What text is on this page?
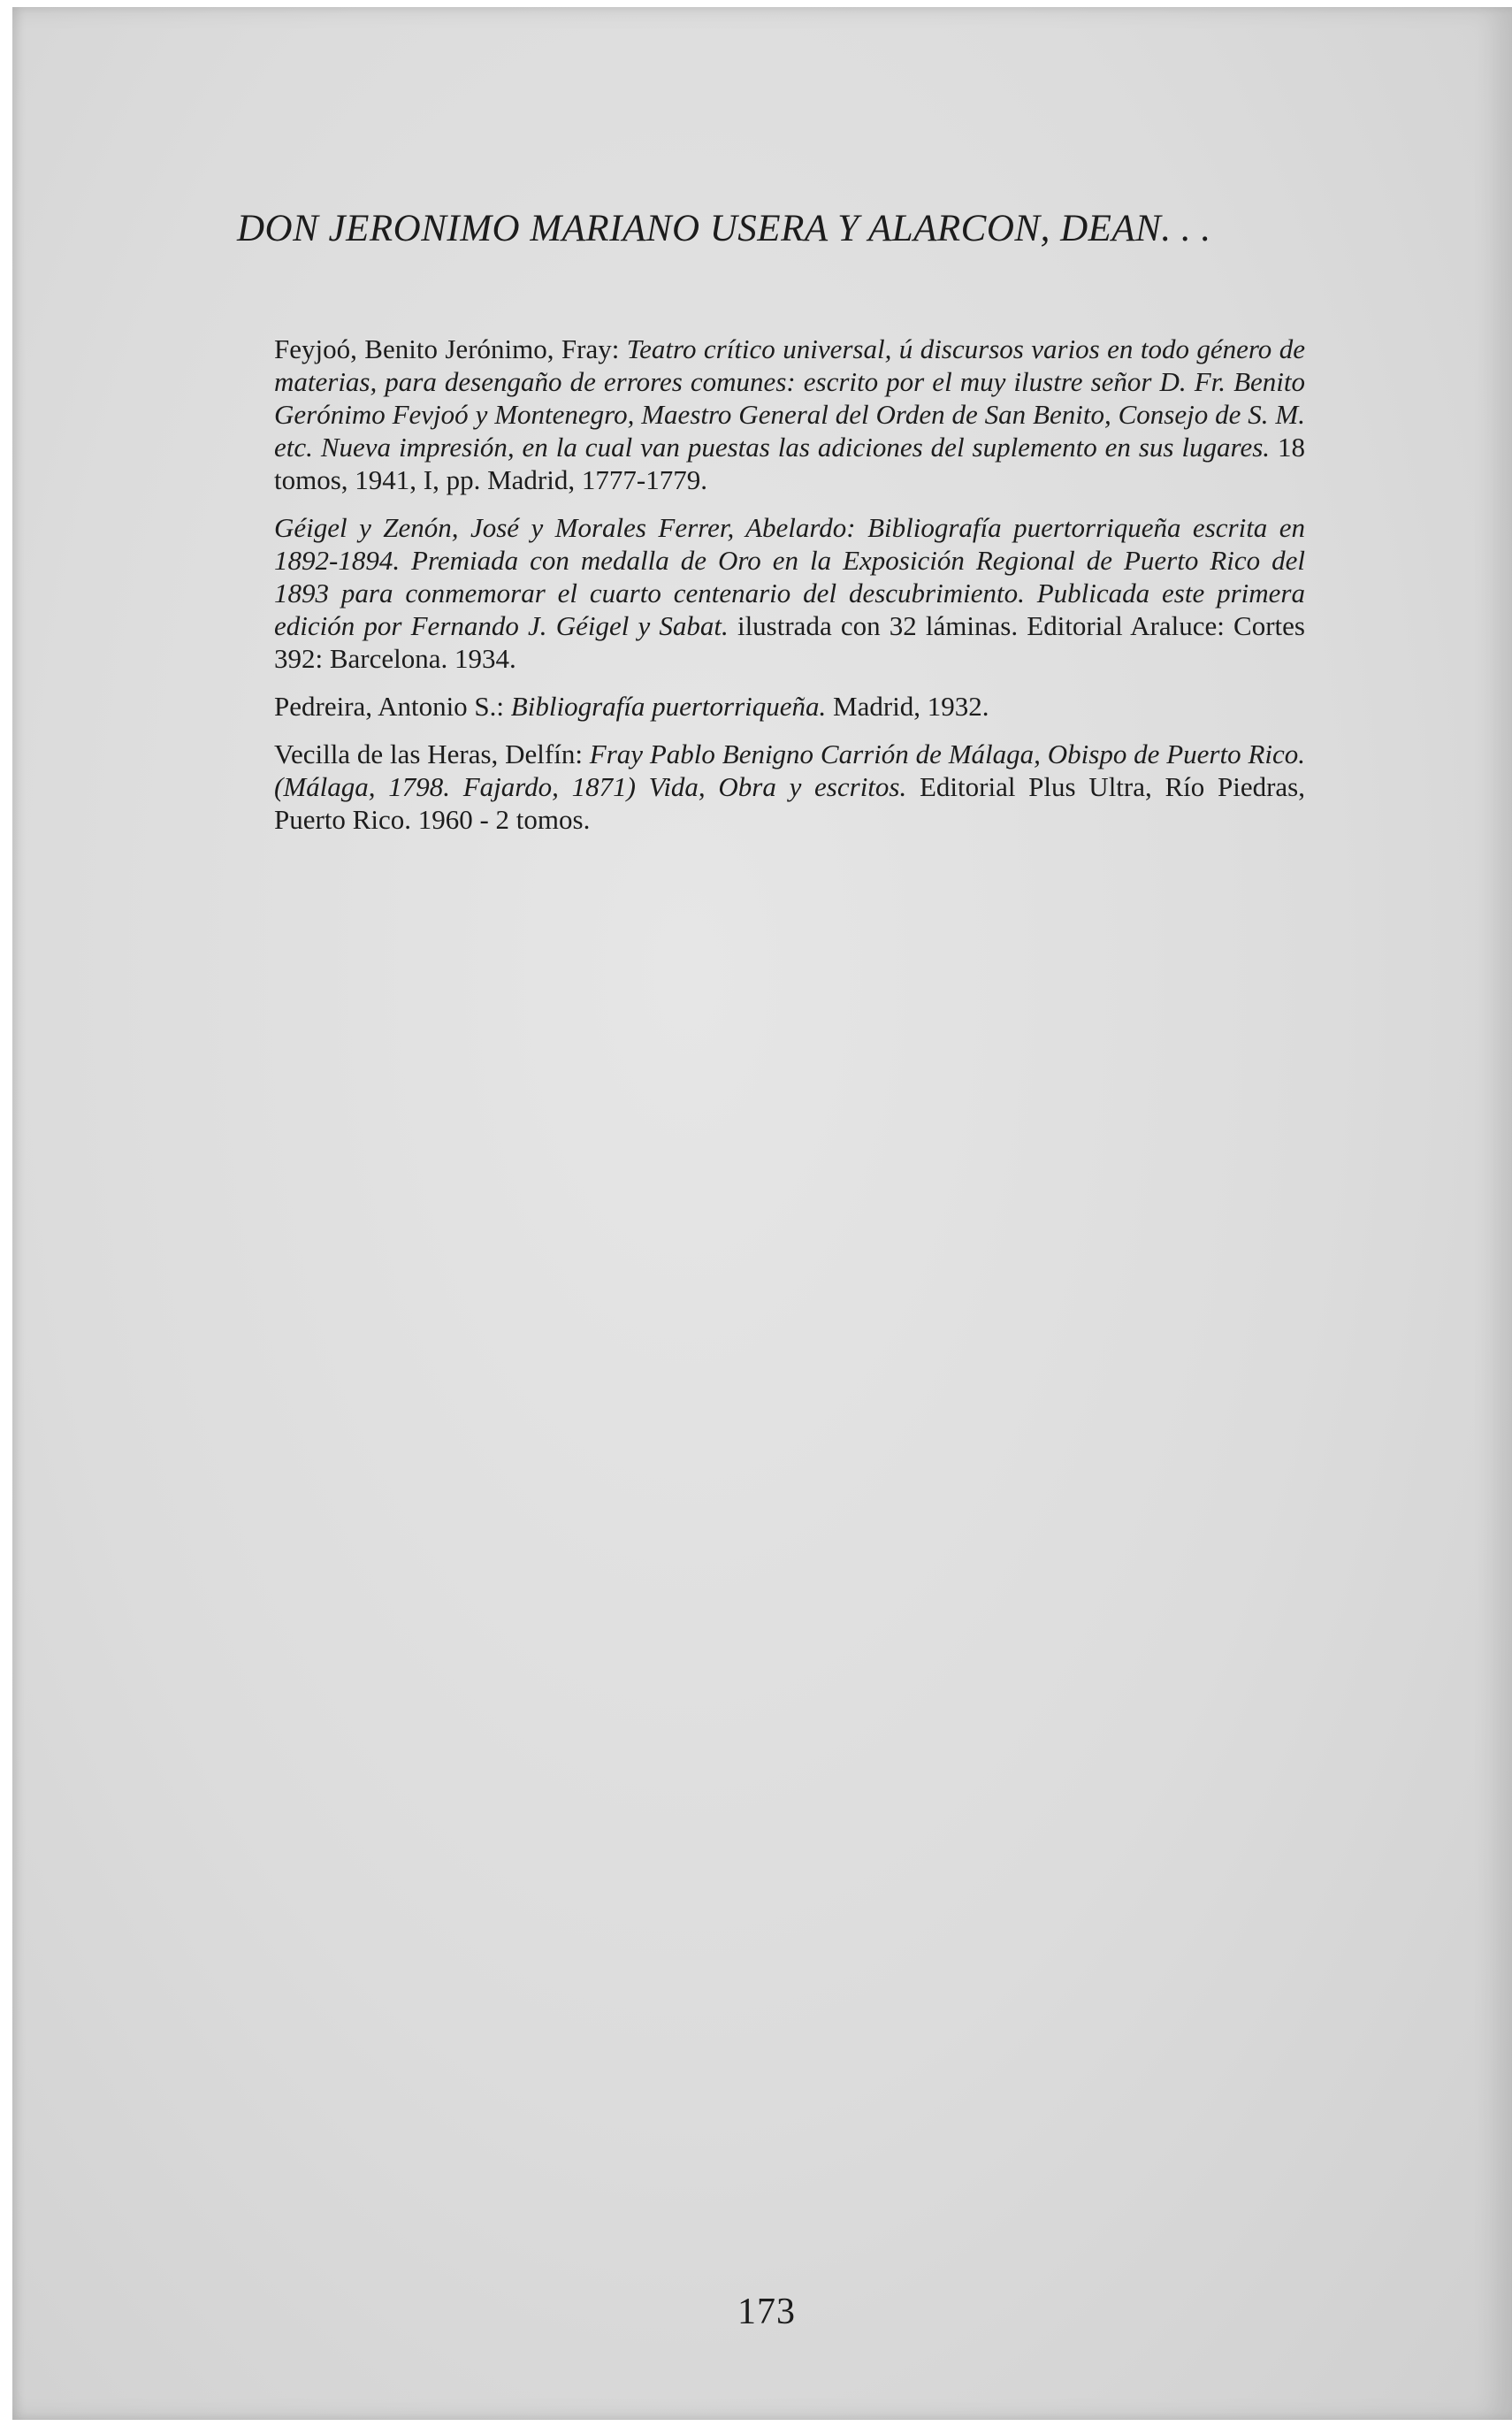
DON JERONIMO MARIANO USERA Y ALARCON, DEAN. . .

Feyjoó, Benito Jerónimo, Fray: Teatro crítico universal, ú discursos varios en todo género de materias, para desengaño de errores comunes: escrito por el muy ilustre señor D. Fr. Benito Gerónimo Fevjoó y Montenegro, Maestro General del Orden de San Benito, Consejo de S. M. etc. Nueva impresión, en la cual van puestas las adiciones del suplemento en sus lugares. 18 tomos, 1941, I, pp. Madrid, 1777-1779.

Géigel y Zenón, José y Morales Ferrer, Abelardo: Bibliografía puertorriqueña escrita en 1892-1894. Premiada con medalla de Oro en la Exposición Regional de Puerto Rico del 1893 para conmemorar el cuarto centenario del descubrimiento. Publicada este primera edición por Fernando J. Géigel y Sabat. ilustrada con 32 láminas. Editorial Araluce: Cortes 392: Barcelona. 1934.

Pedreira, Antonio S.: Bibliografía puertorriqueña. Madrid, 1932.

Vecilla de las Heras, Delfín: Fray Pablo Benigno Carrión de Málaga, Obispo de Puerto Rico. (Málaga, 1798. Fajardo, 1871) Vida, Obra y escritos. Editorial Plus Ultra, Río Piedras, Puerto Rico. 1960 - 2 tomos.

173
